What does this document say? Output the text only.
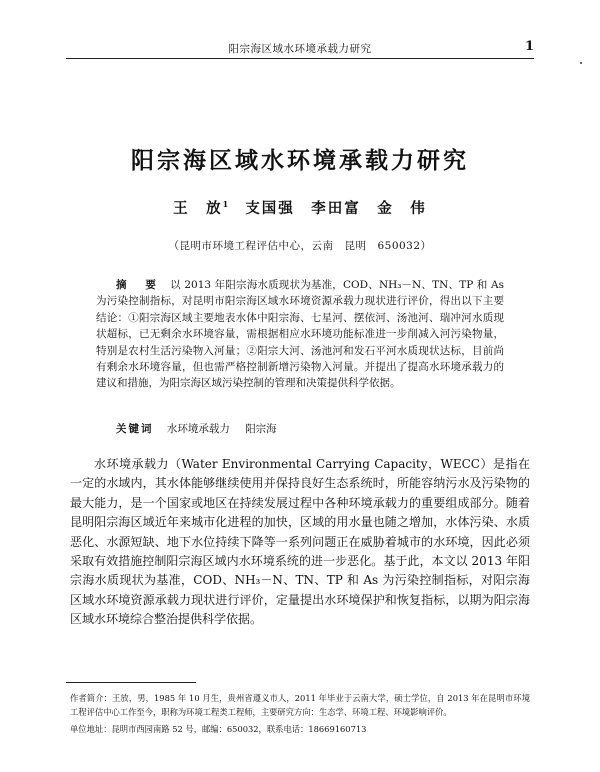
阳宗海区域水环境承载力研究	1
阳宗海区域水环境承载力研究
王　放$^1$ 支国强　李田富　金　伟
（昆明市环境工程评估中心，云南　昆明　650032）
摘　要 以 2013 年阳宗海水质现状为基准，COD、NH₃－N、TN、TP 和 As 为污染控制指标，对昆明市阳宗海区域水环境资源承载力现状进行评价，得出以下主要结论：①阳宗海区域主要地表水体中阳宗海、七星河、摆依河、汤池河、瑞冲河水质现状超标，已无剩余水环境容量，需根据相应水环境功能标准进一步削减入河污染物量，特别是农村生活污染物入河量；②阳宗大河、汤池河和发石平河水质现状达标，目前尚有剩余水环境容量，但也需严格控制新增污染物入河量。并提出了提高水环境承载力的建议和措施，为阳宗海区域污染控制的管理和决策提供科学依据。
关键词 水环境承载力 阳宗海
水环境承载力（Water Environmental Carrying Capacity，WECC）是指在一定的水域内，其水体能够继续使用并保持良好生态系统时，所能容纳污水及污染物的最大能力，是一个国家或地区在持续发展过程中各种环境承载力的重要组成部分。随着昆明阳宗海区域近年来城市化进程的加快，区域的用水量也随之增加，水体污染、水质恶化、水源短缺、地下水位持续下降等一系列问题正在威胁着城市的水环境，因此必须采取有效措施控制阳宗海区域内水环境系统的进一步恶化。基于此，本文以 2013 年阳宗海水质现状为基准，COD、NH₃－N、TN、TP 和 As 为污染控制指标，对阳宗海区域水环境资源承载力现状进行评价，定量提出水环境保护和恢复指标，以期为阳宗海区域水环境综合整治提供科学依据。

作者简介：王放，男，1985 年 10 月生，贵州省遵义市人，2011 年毕业于云南大学，硕士学位，自 2013 年在昆明市环境工程评估中心工作至今，职称为环境工程类工程师，主要研究方向：生态学、环境工程、环境影响评价。

单位地址：昆明市西园南路 52 号，邮编：650032，联系电话：18669160713
